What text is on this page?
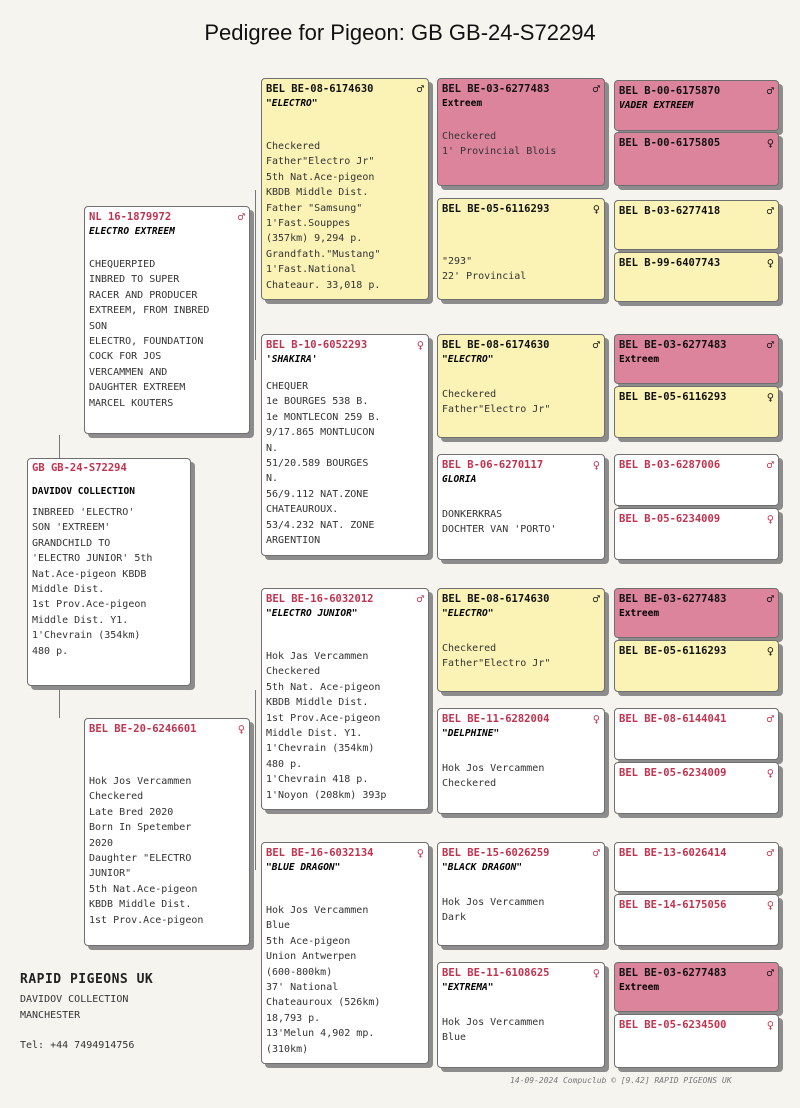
Pedigree for Pigeon: GB GB-24-S72294
GB GB-24-S72294
DAVIDOV COLLECTION
INBREED 'ELECTRO'
SON 'EXTREEM'
GRANDCHILD TO
'ELECTRO JUNIOR' 5th
Nat.Ace-pigeon KBDB
Middle Dist.
1st Prov.Ace-pigeon
Middle Dist. Y1.
1'Chevrain (354km)
480 p.
NL 16-1879972	♂
ELECTRO EXTREEM
CHEQUERPIED
INBRED TO SUPER
RACER AND PRODUCER
EXTREEM, FROM INBRED
SON
ELECTRO, FOUNDATION
COCK FOR JOS
VERCAMMEN AND
DAUGHTER EXTREEM
MARCEL KOUTERS
BEL BE-20-6246601	♀
Hok Jos Vercammen
Checkered
Late Bred 2020
Born In Spetember
2020
Daughter "ELECTRO
JUNIOR"
5th Nat.Ace-pigeon
KBDB Middle Dist.
1st Prov.Ace-pigeon
BEL BE-08-6174630	♂
"ELECTRO"
Checkered
Father"Electro Jr"
5th Nat.Ace-pigeon
KBDB Middle Dist.
Father "Samsung"
1'Fast.Souppes
(357km) 9,294 p.
Grandfath."Mustang"
1'Fast.National
Chateaur. 33,018 p.
BEL B-10-6052293	♀
'SHAKIRA'
CHEQUER
1e BOURGES 538 B.
1e MONTLECON 259 B.
9/17.865 MONTLUCON
N.
51/20.589 BOURGES
N.
56/9.112 NAT.ZONE
CHATEAUROUX.
53/4.232 NAT. ZONE
ARGENTION
BEL BE-16-6032012	♂
"ELECTRO JUNIOR"
Hok Jas Vercammen
Checkered
5th Nat. Ace-pigeon
KBDB Middle Dist.
1st Prov.Ace-pigeon
Middle Dist. Y1.
1'Chevrain (354km)
480 p.
1'Chevrain 418 p.
1'Noyon (208km) 393p
BEL BE-16-6032134	♀
"BLUE DRAGON"
Hok Jos Vercammen
Blue
5th Ace-pigeon
Union Antwerpen
(600-800km)
37' National
Chateauroux (526km)
18,793 p.
13'Melun 4,902 mp.
(310km)
BEL BE-03-6277483	♂
Extreem
Checkered
1' Provincial Blois
BEL BE-05-6116293	♀
"293"
22' Provincial
BEL BE-08-6174630	♂
"ELECTRO"
Checkered
Father"Electro Jr"
BEL B-06-6270117	♀
GLORIA
DONKERKRAS
DOCHTER VAN 'PORTO'
BEL BE-08-6174630	♂
"ELECTRO"
Checkered
Father"Electro Jr"
BEL BE-11-6282004	♀
"DELPHINE"
Hok Jos Vercammen
Checkered
BEL BE-15-6026259	♂
"BLACK DRAGON"
Hok Jos Vercammen
Dark
BEL BE-11-6108625	♀
"EXTREMA"
Hok Jos Vercammen
Blue
BEL B-00-6175870	♂
VADER EXTREEM
BEL B-00-6175805	♀
BEL B-03-6277418	♂
BEL B-99-6407743	♀
BEL BE-03-6277483	♂
Extreem
BEL BE-05-6116293	♀
BEL B-03-6287006	♂
BEL B-05-6234009	♀
BEL BE-03-6277483	♂
Extreem
BEL BE-05-6116293	♀
BEL BE-08-6144041	♂
BEL BE-05-6234009	♀
BEL BE-13-6026414	♂
BEL BE-14-6175056	♀
BEL BE-03-6277483	♂
Extreem
BEL BE-05-6234500	♀
RAPID PIGEONS UK
DAVIDOV COLLECTION
MANCHESTER
Tel: +44 7494914756
14-09-2024 Compuclub © [9.42] RAPID PIGEONS UK
